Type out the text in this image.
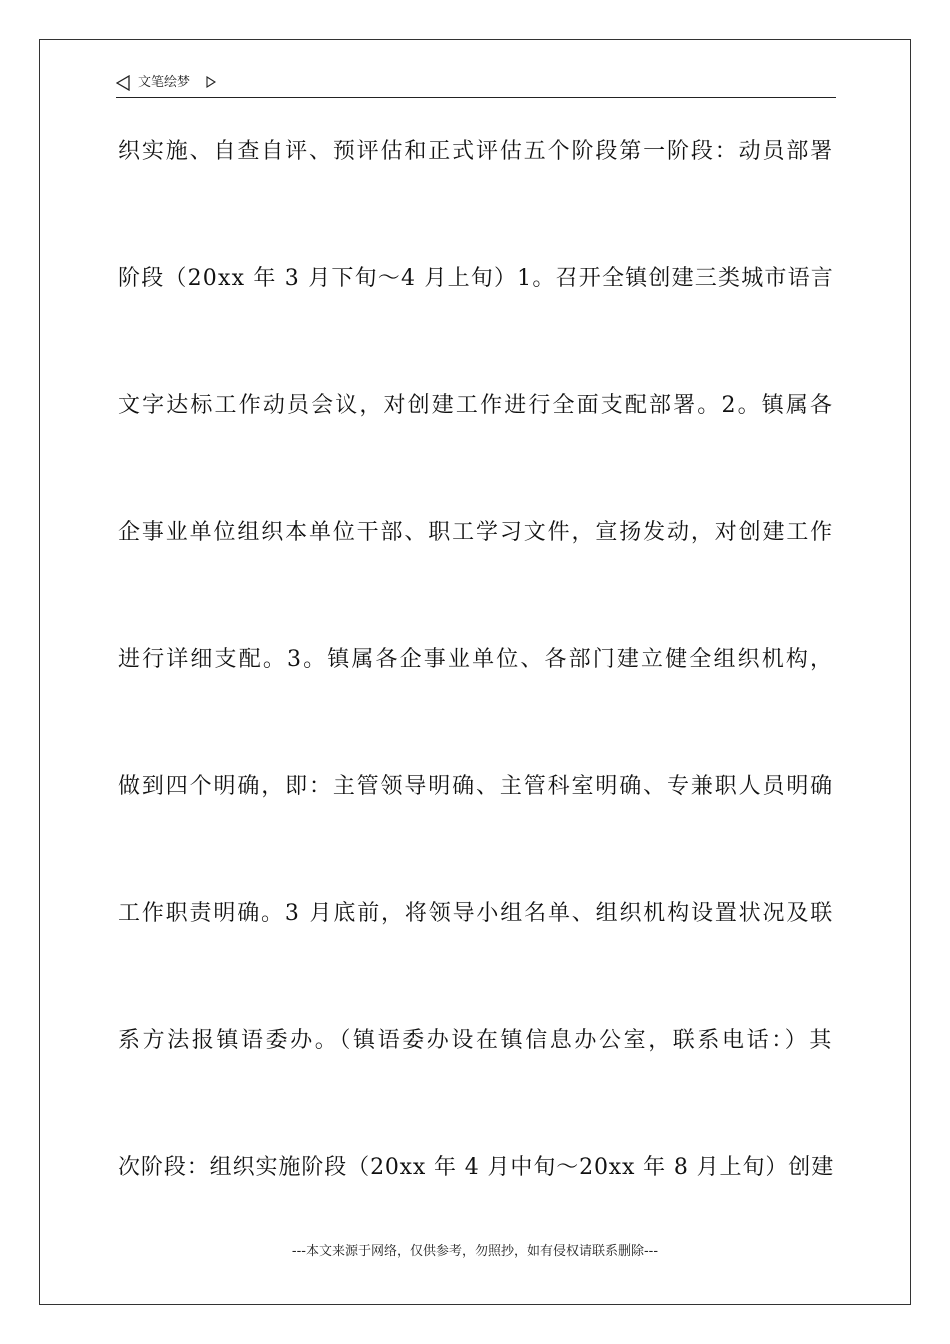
文笔绘梦
织实施、自查自评、预评估和正式评估五个阶段第一阶段：动员部署
阶段（20xx 年 3 月下旬～4 月上旬）1。召开全镇创建三类城市语言
文字达标工作动员会议，对创建工作进行全面支配部署。2。镇属各
企事业单位组织本单位干部、职工学习文件，宣扬发动，对创建工作
进行详细支配。3。镇属各企事业单位、各部门建立健全组织机构，
做到四个明确，即：主管领导明确、主管科室明确、专兼职人员明确
工作职责明确。3 月底前，将领导小组名单、组织机构设置状况及联
系方法报镇语委办。（镇语委办设在镇信息办公室，联系电话：）其
次阶段：组织实施阶段（20xx 年 4 月中旬～20xx 年 8 月上旬）创建
---本文来源于网络，仅供参考，勿照抄，如有侵权请联系删除---
